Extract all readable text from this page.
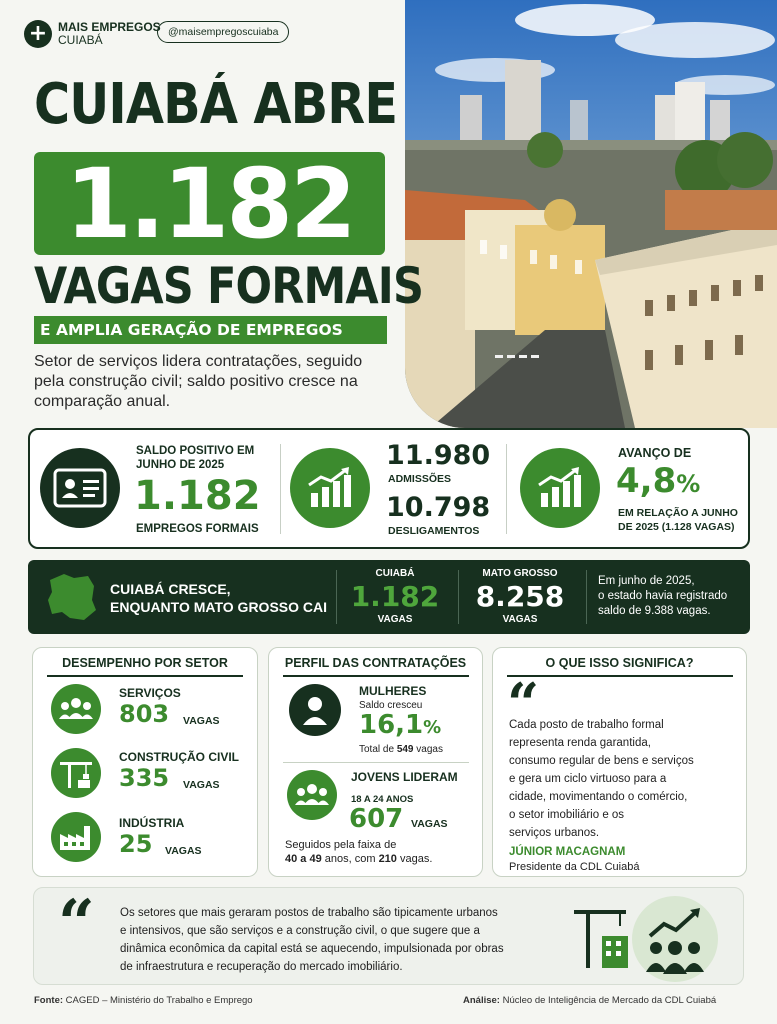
+ MAIS EMPREGOS
CUIABÁ
@maisempregoscuiaba
CUIABÁ ABRE
1.182
VAGAS FORMAIS
E AMPLIA GERAÇÃO DE EMPREGOS
Setor de serviços lidera contratações, seguido pela construção civil; saldo positivo cresce na comparação anual.
SALDO POSITIVO EM
JUNHO DE 2025
1.182
EMPREGOS FORMAIS
11.980
ADMISSÕES
10.798
DESLIGAMENTOS
AVANÇO DE
4,8%
EM RELAÇÃO A JUNHO
DE 2025 (1.128 VAGAS)
CUIABÁ CRESCE,
ENQUANTO MATO GROSSO CAI
CUIABÁ
1.182
VAGAS
MATO GROSSO
8.258
VAGAS
Em junho de 2025,
o estado havia registrado
saldo de 9.388 vagas.
DESEMPENHO POR SETOR
SERVIÇOS
803 VAGAS
CONSTRUÇÃO CIVIL
335 VAGAS
INDÚSTRIA
25 VAGAS
PERFIL DAS CONTRATAÇÕES
MULHERES
Saldo cresceu
16,1%
Total de 549 vagas
JOVENS LIDERAM
18 A 24 ANOS
607 VAGAS
Seguidos pela faixa de
40 a 49 anos, com 210 vagas.
O QUE ISSO SIGNIFICA?
“
Cada posto de trabalho formal
representa renda garantida,
consumo regular de bens e serviços
e gera um ciclo virtuoso para a
cidade, movimentando o comércio,
o setor imobiliário e os
serviços urbanos.
JÚNIOR MACAGNAM
Presidente da CDL Cuiabá
“ Os setores que mais geraram postos de trabalho são tipicamente urbanos
e intensivos, que são serviços e a construção civil, o que sugere que a
dinâmica econômica da capital está se aquecendo, impulsionada por obras
de infraestrutura e recuperação do mercado imobiliário.
Fonte: CAGED – Ministério do Trabalho e Emprego	Análise: Núcleo de Inteligência de Mercado da CDL Cuiabá
